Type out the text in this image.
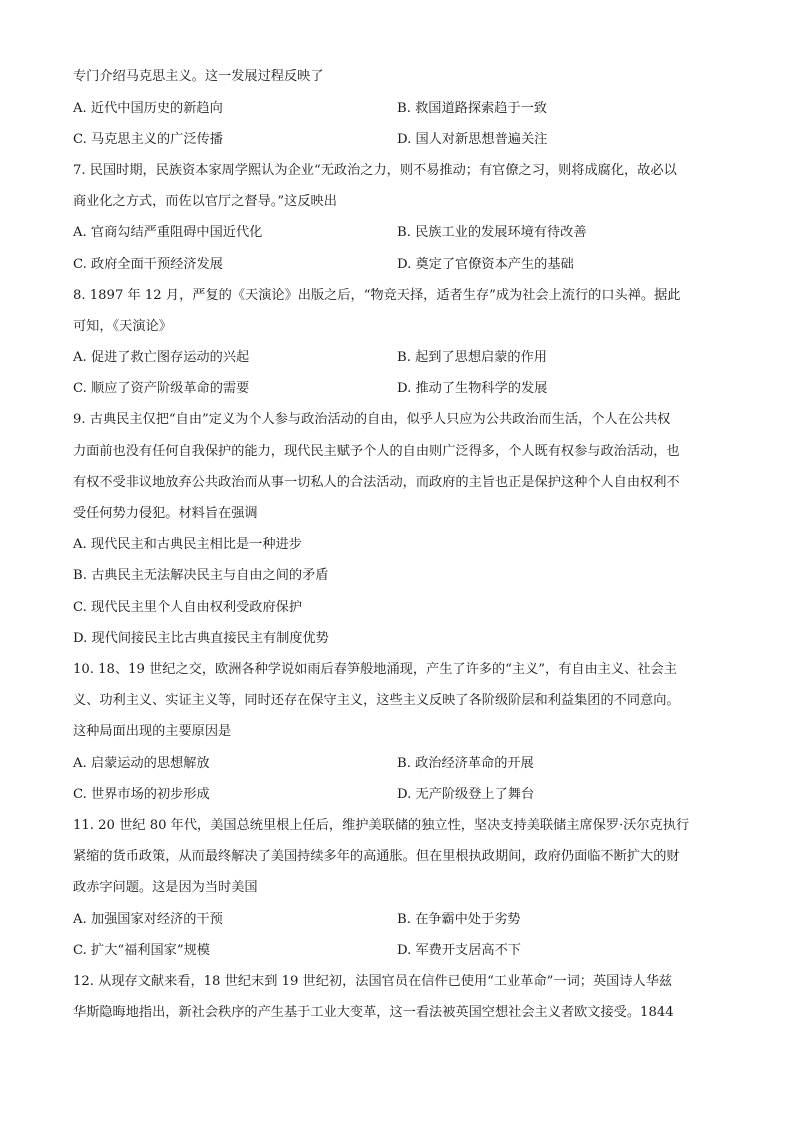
专门介绍马克思主义。这一发展过程反映了
A. 近代中国历史的新趋向	B. 救国道路探索趋于一致
C. 马克思主义的广泛传播	D. 国人对新思想普遍关注
7. 民国时期，民族资本家周学熙认为企业“无政治之力，则不易推动；有官僚之习，则将成腐化，故必以
商业化之方式，而佐以官厅之督导。”这反映出
A. 官商勾结严重阻碍中国近代化	B. 民族工业的发展环境有待改善
C. 政府全面干预经济发展	D. 奠定了官僚资本产生的基础
8. 1897 年 12 月，严复的《天演论》出版之后，“物竞天择，适者生存”成为社会上流行的口头禅。据此
可知，《天演论》
A. 促进了救亡图存运动的兴起	B. 起到了思想启蒙的作用
C. 顺应了资产阶级革命的需要	D. 推动了生物科学的发展
9. 古典民主仅把“自由”定义为个人参与政治活动的自由，似乎人只应为公共政治而生活，个人在公共权
力面前也没有任何自我保护的能力，现代民主赋予个人的自由则广泛得多，个人既有权参与政治活动，也
有权不受非议地放弃公共政治而从事一切私人的合法活动，而政府的主旨也正是保护这种个人自由权利不
受任何势力侵犯。材料旨在强调
A. 现代民主和古典民主相比是一种进步
B. 古典民主无法解决民主与自由之间的矛盾
C. 现代民主里个人自由权利受政府保护
D. 现代间接民主比古典直接民主有制度优势
10. 18、19 世纪之交，欧洲各种学说如雨后春笋般地涌现，产生了许多的“主义”，有自由主义、社会主
义、功利主义、实证主义等，同时还存在保守主义，这些主义反映了各阶级阶层和利益集团的不同意向。
这种局面出现的主要原因是
A. 启蒙运动的思想解放	B. 政治经济革命的开展
C. 世界市场的初步形成	D. 无产阶级登上了舞台
11. 20 世纪 80 年代，美国总统里根上任后，维护美联储的独立性，坚决支持美联储主席保罗·沃尔克执行
紧缩的货币政策，从而最终解决了美国持续多年的高通胀。但在里根执政期间，政府仍面临不断扩大的财
政赤字问题。这是因为当时美国
A. 加强国家对经济的干预	B. 在争霸中处于劣势
C. 扩大“福利国家”规模	D. 军费开支居高不下
12. 从现存文献来看，18 世纪末到 19 世纪初，法国官员在信件已使用“工业革命”一词；英国诗人华兹
华斯隐晦地指出，新社会秩序的产生基于工业大变革，这一看法被英国空想社会主义者欧文接受。1844
